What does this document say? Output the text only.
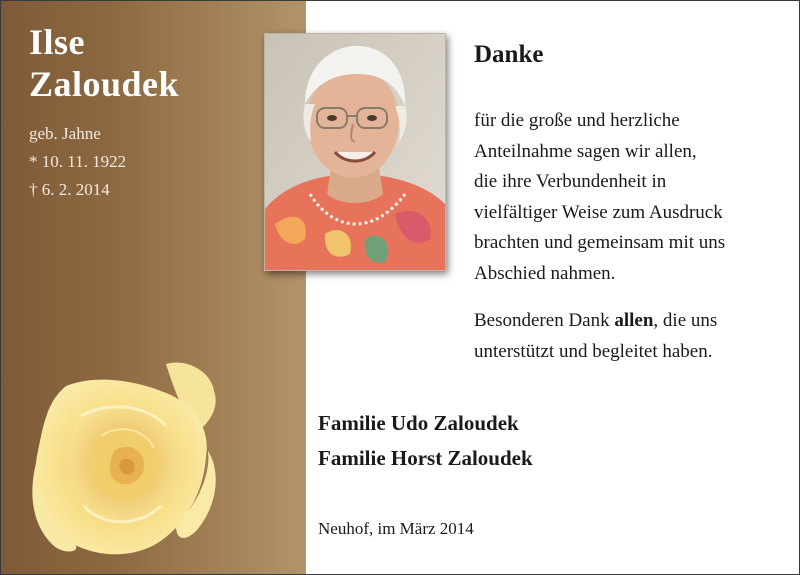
Ilse
Zaloudek
geb. Jahne
* 10. 11. 1922
† 6. 2. 2014
Danke
für die große und herzliche
Anteilnahme sagen wir allen,
die ihre Verbundenheit in
vielfältiger Weise zum Ausdruck
brachten und gemeinsam mit uns
Abschied nahmen.
Besonderen Dank allen, die uns
unterstützt und begleitet haben.
Familie Udo Zaloudek
Familie Horst Zaloudek
Neuhof, im März 2014
